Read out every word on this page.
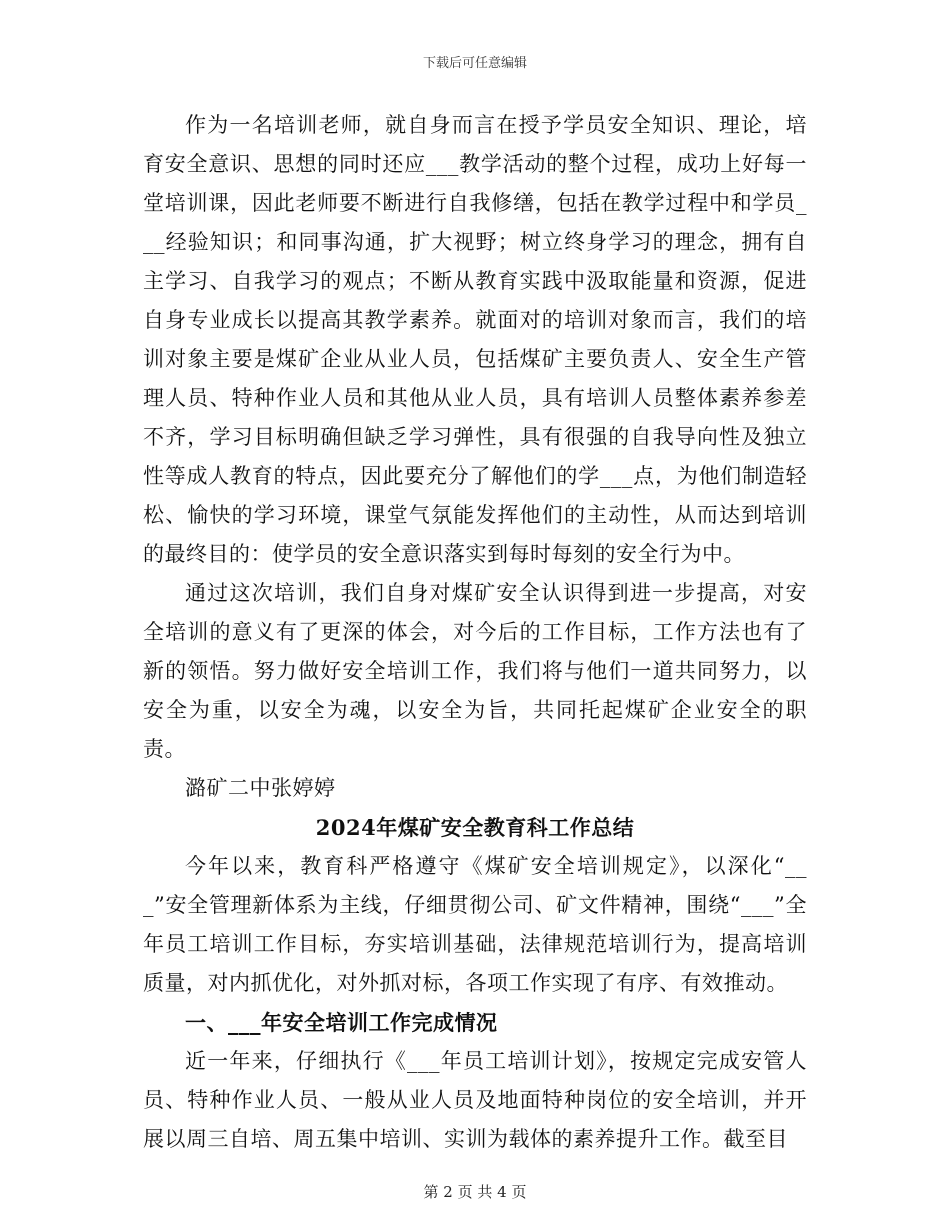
下载后可任意编辑

作为一名培训老师，就自身而言在授予学员安全知识、理论，培育安全意识、思想的同时还应___教学活动的整个过程，成功上好每一堂培训课，因此老师要不断进行自我修缮，包括在教学过程中和学员___经验知识；和同事沟通，扩大视野；树立终身学习的理念，拥有自主学习、自我学习的观点；不断从教育实践中汲取能量和资源，促进自身专业成长以提高其教学素养。就面对的培训对象而言，我们的培训对象主要是煤矿企业从业人员，包括煤矿主要负责人、安全生产管理人员、特种作业人员和其他从业人员，具有培训人员整体素养参差不齐，学习目标明确但缺乏学习弹性，具有很强的自我导向性及独立性等成人教育的特点，因此要充分了解他们的学___点，为他们制造轻松、愉快的学习环境，课堂气氛能发挥他们的主动性，从而达到培训的最终目的：使学员的安全意识落实到每时每刻的安全行为中。

通过这次培训，我们自身对煤矿安全认识得到进一步提高，对安全培训的意义有了更深的体会，对今后的工作目标，工作方法也有了新的领悟。努力做好安全培训工作，我们将与他们一道共同努力，以安全为重，以安全为魂，以安全为旨，共同托起煤矿企业安全的职责。

潞矿二中张婷婷

2024年煤矿安全教育科工作总结

今年以来，教育科严格遵守《煤矿安全培训规定》，以深化“___”安全管理新体系为主线，仔细贯彻公司、矿文件精神，围绕“___”全年员工培训工作目标，夯实培训基础，法律规范培训行为，提高培训质量，对内抓优化，对外抓对标，各项工作实现了有序、有效推动。

一、___年安全培训工作完成情况

近一年来，仔细执行《___年员工培训计划》，按规定完成安管人员、特种作业人员、一般从业人员及地面特种岗位的安全培训，并开展以周三自培、周五集中培训、实训为载体的素养提升工作。截至目

第 2 页 共 4 页
